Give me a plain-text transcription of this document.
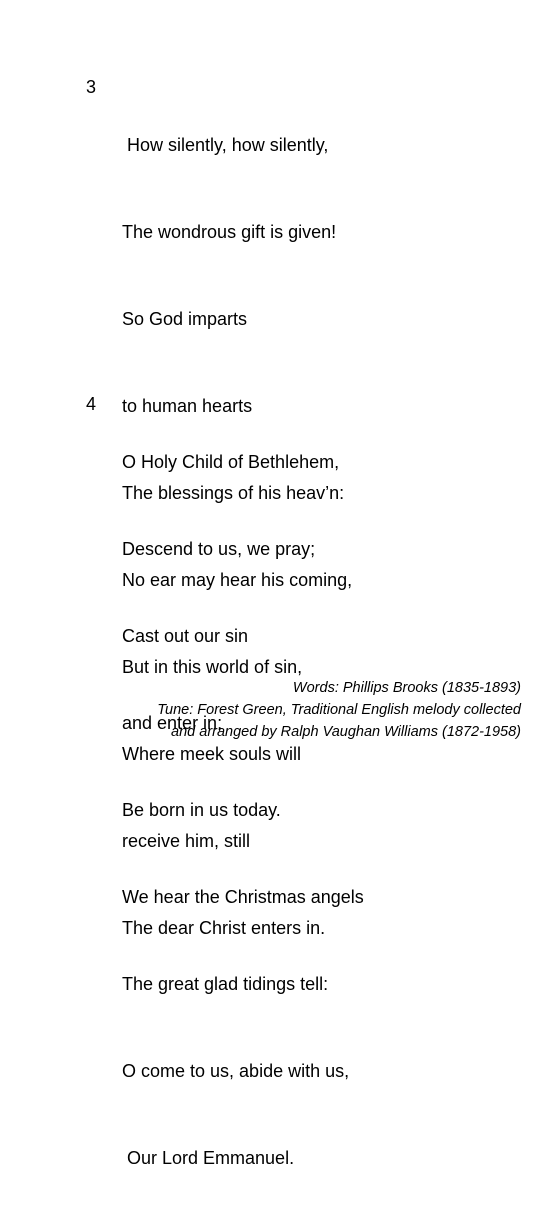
3

How silently, how silently,

The wondrous gift is given!

So God imparts

to human hearts

The blessings of his heav’n:

No ear may hear his coming,

But in this world of sin,

Where meek souls will

receive him, still

The dear Christ enters in.

4

O Holy Child of Bethlehem,

Descend to us, we pray;

Cast out our sin

and enter in;

Be born in us today.

We hear the Christmas angels

The great glad tidings tell:

O come to us, abide with us,

Our Lord Emmanuel.

Words: Phillips Brooks (1835-1893)
Tune: Forest Green, Traditional English melody collected
and arranged by Ralph Vaughan Williams (1872-1958)
